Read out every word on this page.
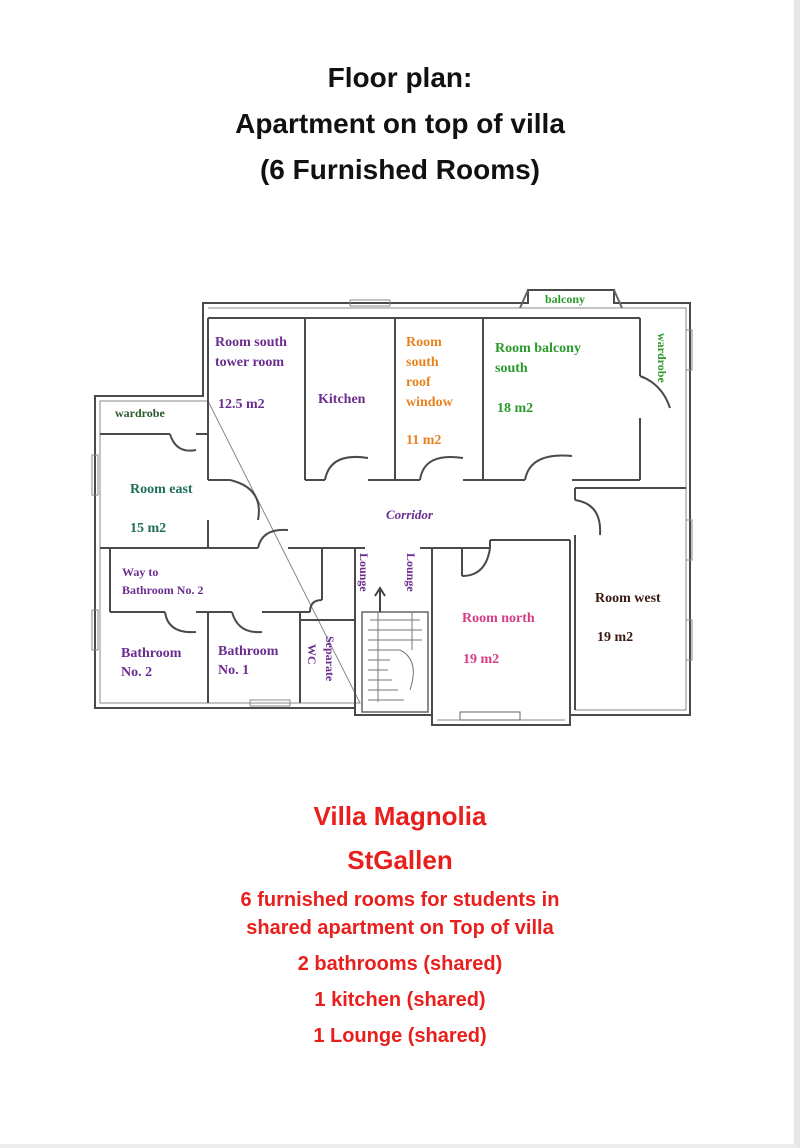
Floor plan:
Apartment on top of villa
(6 Furnished Rooms)
balcony
Room south
tower room
12.5 m2	Kitchen
Room
south
roof
window
11 m2
Room balcony
south
18 m2
wardrobe
wardrobe
Room east
15 m2
Corridor
Lounge	Lounge
Way to
Bathroom No. 2
Bathroom
No. 2
Bathroom
No. 1	Separate
WC
Room north
19 m2
Room west
19 m2
Villa Magnolia
StGallen
6 furnished rooms for students in
shared apartment on Top of villa
2 bathrooms (shared)
1 kitchen (shared)
1 Lounge (shared)
